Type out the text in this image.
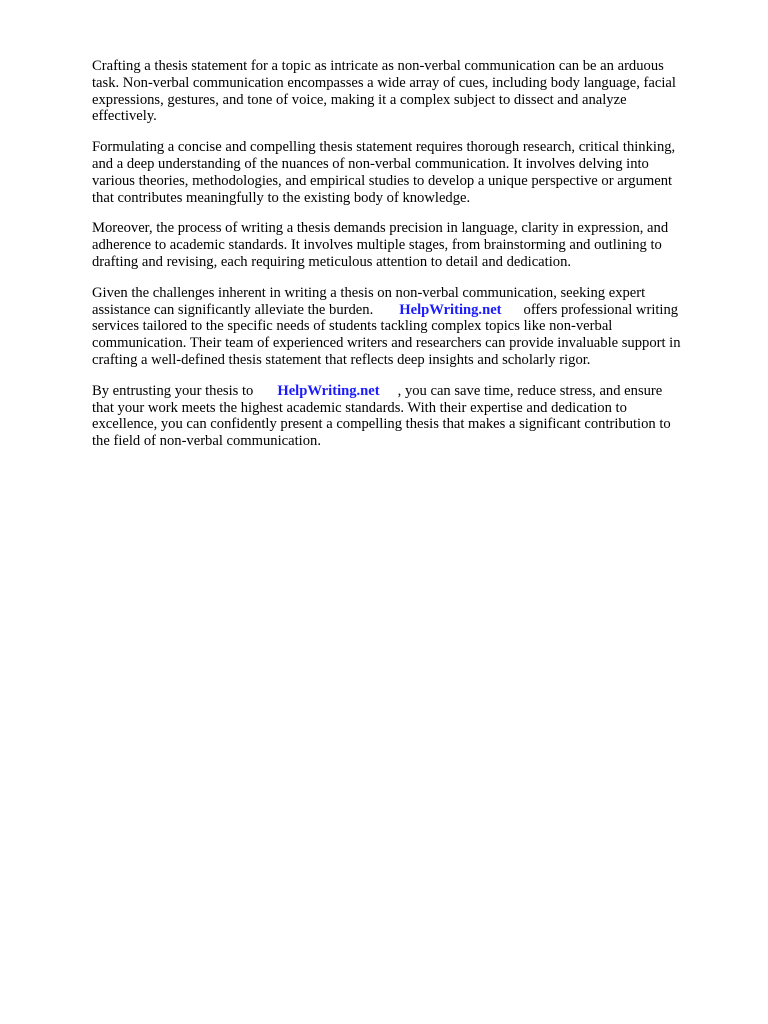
Crafting a thesis statement for a topic as intricate as non-verbal communication can be an arduous
task. Non-verbal communication encompasses a wide array of cues, including body language, facial
expressions, gestures, and tone of voice, making it a complex subject to dissect and analyze
effectively.

Formulating a concise and compelling thesis statement requires thorough research, critical thinking,
and a deep understanding of the nuances of non-verbal communication. It involves delving into
various theories, methodologies, and empirical studies to develop a unique perspective or argument
that contributes meaningfully to the existing body of knowledge.

Moreover, the process of writing a thesis demands precision in language, clarity in expression, and
adherence to academic standards. It involves multiple stages, from brainstorming and outlining to
drafting and revising, each requiring meticulous attention to detail and dedication.

Given the challenges inherent in writing a thesis on non-verbal communication, seeking expert
assistance can significantly alleviate the burden. HelpWriting.net offers professional writing
services tailored to the specific needs of students tackling complex topics like non-verbal
communication. Their team of experienced writers and researchers can provide invaluable support in
crafting a well-defined thesis statement that reflects deep insights and scholarly rigor.

By entrusting your thesis to HelpWriting.net , you can save time, reduce stress, and ensure
that your work meets the highest academic standards. With their expertise and dedication to
excellence, you can confidently present a compelling thesis that makes a significant contribution to
the field of non-verbal communication.
